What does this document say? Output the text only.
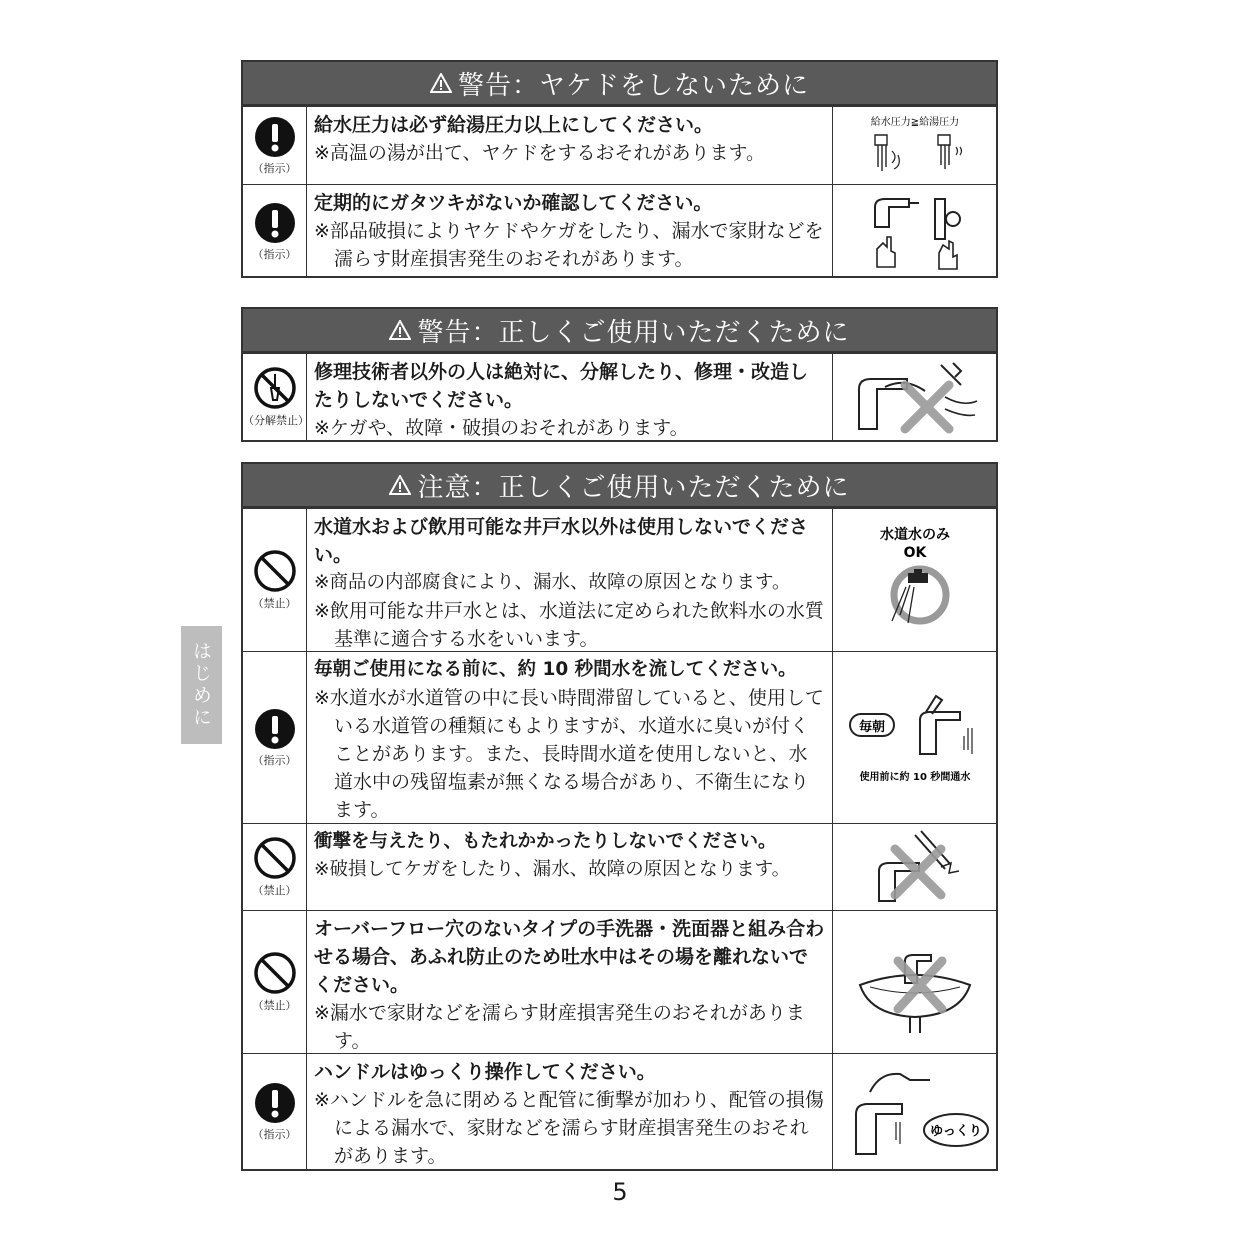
警告：ヤケドをしないために
（指示）
給水圧力は必ず給湯圧力以上にしてください。
※高温の湯が出て、ヤケドをするおそれがあります。
給水圧力≧給湯圧力
（指示）
定期的にガタツキがないか確認してください。
※部品破損によりヤケドやケガをしたり、漏水で家財などを濡らす財産損害発生のおそれがあります。
警告：正しくご使用いただくために
（分解禁止）
修理技術者以外の人は絶対に、分解したり、修理・改造したりしないでください。
※ケガや、故障・破損のおそれがあります。
注意：正しくご使用いただくために
（禁止）
水道水および飲用可能な井戸水以外は使用しないでください。
※商品の内部腐食により、漏水、故障の原因となります。
※飲用可能な井戸水とは、水道法に定められた飲料水の水質基準に適合する水をいいます。
水道水のみ
OK
（指示）
毎朝ご使用になる前に、約 10 秒間水を流してください。
※水道水が水道管の中に長い時間滞留していると、使用している水道管の種類にもよりますが、水道水に臭いが付くことがあります。また、長時間水道を使用しないと、水道水中の残留塩素が無くなる場合があり、不衛生になります。
毎朝
使用前に約 10 秒間通水
（禁止）
衝撃を与えたり、もたれかかったりしないでください。
※破損してケガをしたり、漏水、故障の原因となります。
（禁止）
オーバーフロー穴のないタイプの手洗器・洗面器と組み合わせる場合、あふれ防止のため吐水中はその場を離れないでください。
※漏水で家財などを濡らす財産損害発生のおそれがあります。
（指示）
ハンドルはゆっくり操作してください。
※ハンドルを急に閉めると配管に衝撃が加わり、配管の損傷による漏水で、家財などを濡らす財産損害発生のおそれがあります。
ゆっくり
はじめに
5
